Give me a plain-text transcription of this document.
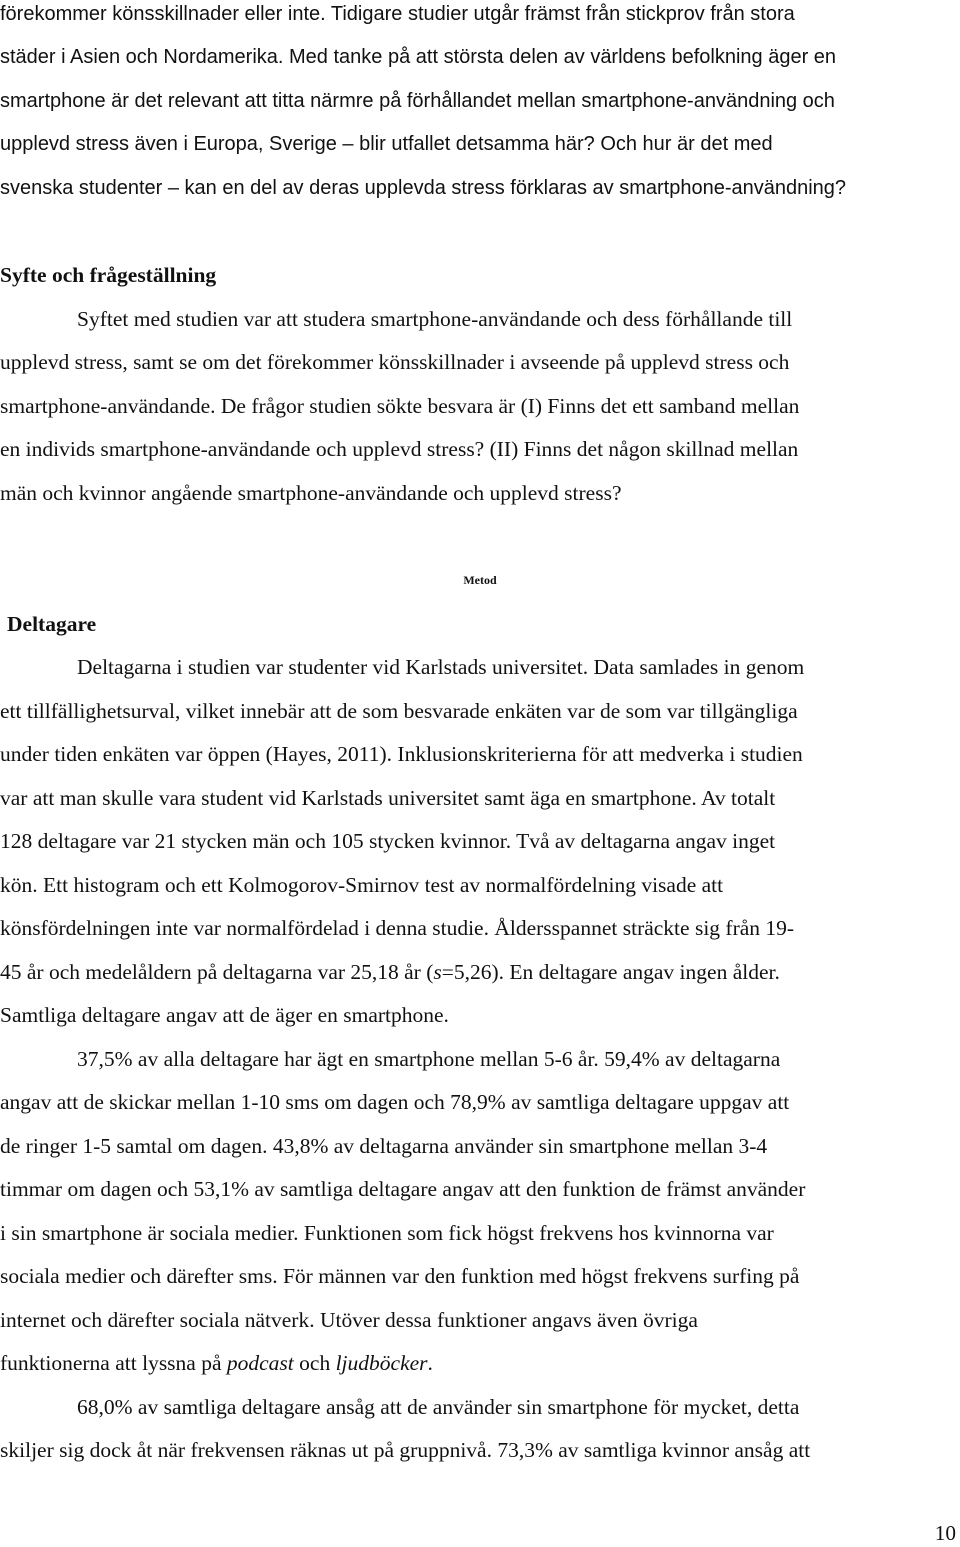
förekommer könsskillnader eller inte. Tidigare studier utgår främst från stickprov från stora

städer i Asien och Nordamerika. Med tanke på att största delen av världens befolkning äger en

smartphone är det relevant att titta närmre på förhållandet mellan smartphone-användning och

upplevd stress även i Europa, Sverige – blir utfallet detsamma här? Och hur är det med

svenska studenter – kan en del av deras upplevda stress förklaras av smartphone-användning?

Syfte och frågeställning

Syftet med studien var att studera smartphone-användande och dess förhållande till

upplevd stress, samt se om det förekommer könsskillnader i avseende på upplevd stress och

smartphone-användande. De frågor studien sökte besvara är (I) Finns det ett samband mellan

en individs smartphone-användande och upplevd stress? (II) Finns det någon skillnad mellan

män och kvinnor angående smartphone-användande och upplevd stress?

Metod

Deltagare

Deltagarna i studien var studenter vid Karlstads universitet. Data samlades in genom

ett tillfällighetsurval, vilket innebär att de som besvarade enkäten var de som var tillgängliga

under tiden enkäten var öppen (Hayes, 2011). Inklusionskriterierna för att medverka i studien

var att man skulle vara student vid Karlstads universitet samt äga en smartphone. Av totalt

128 deltagare var 21 stycken män och 105 stycken kvinnor. Två av deltagarna angav inget

kön. Ett histogram och ett Kolmogorov-Smirnov test av normalfördelning visade att

könsfördelningen inte var normalfördelad i denna studie. Åldersspannet sträckte sig från 19-

45 år och medelåldern på deltagarna var 25,18 år (s=5,26). En deltagare angav ingen ålder.

Samtliga deltagare angav att de äger en smartphone.

37,5% av alla deltagare har ägt en smartphone mellan 5-6 år. 59,4% av deltagarna

angav att de skickar mellan 1-10 sms om dagen och 78,9% av samtliga deltagare uppgav att

de ringer 1-5 samtal om dagen. 43,8% av deltagarna använder sin smartphone mellan 3-4

timmar om dagen och 53,1% av samtliga deltagare angav att den funktion de främst använder

i sin smartphone är sociala medier. Funktionen som fick högst frekvens hos kvinnorna var

sociala medier och därefter sms. För männen var den funktion med högst frekvens surfing på

internet och därefter sociala nätverk. Utöver dessa funktioner angavs även övriga

funktionerna att lyssna på podcast och ljudböcker.

68,0% av samtliga deltagare ansåg att de använder sin smartphone för mycket, detta

skiljer sig dock åt när frekvensen räknas ut på gruppnivå. 73,3% av samtliga kvinnor ansåg att

10
